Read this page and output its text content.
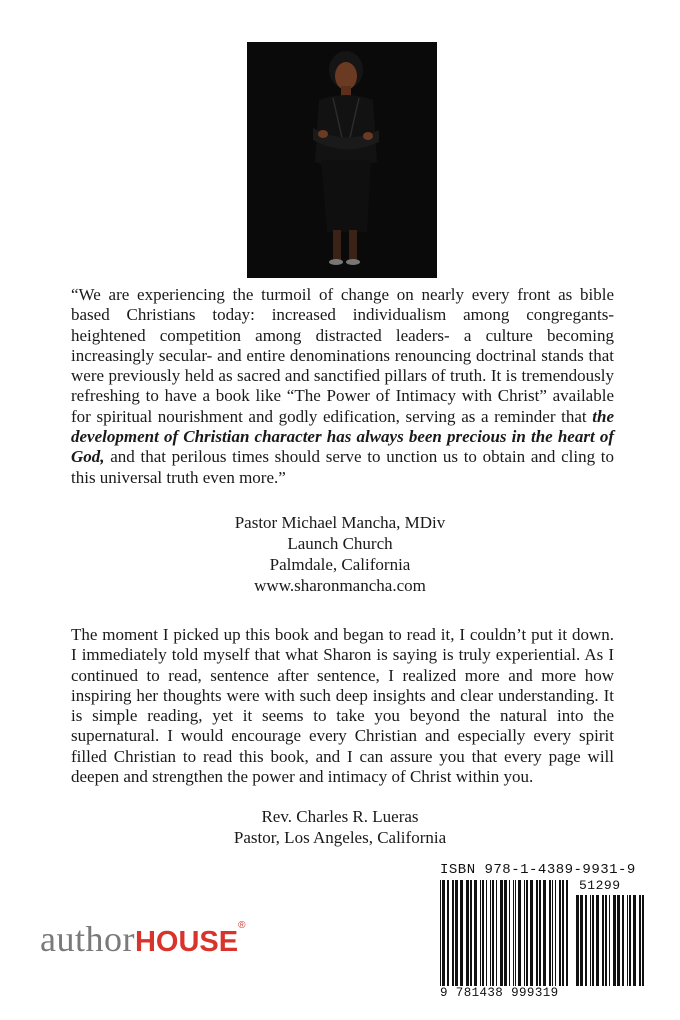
“We are experiencing the turmoil of change on nearly every front as bible based Christians today: increased individualism among congregants- heightened competition among distracted leaders- a culture becoming increasingly secular- and entire denominations renouncing doctrinal stands that were previously held as sacred and sanctified pillars of truth. It is tremendously refreshing to have a book like “The Power of Intimacy with Christ” available for spiritual nourishment and godly edification, serving as a reminder that the development of Christian character has always been precious in the heart of God, and that perilous times should serve to unction us to obtain and cling to this universal truth even more.”

Pastor Michael Mancha, MDiv
Launch Church
Palmdale, California
www.sharonmancha.com

The moment I picked up this book and began to read it, I couldn’t put it down. I immediately told myself that what Sharon is saying is truly experiential. As I continued to read, sentence after sentence, I realized more and more how inspiring her thoughts were with such deep insights and clear understanding. It is simple reading, yet it seems to take you beyond the natural into the supernatural. I would encourage every Christian and especially every spirit filled Christian to read this book, and I can assure you that every page will deepen and strengthen the power and intimacy of Christ within you.

Rev. Charles R. Lueras
Pastor, Los Angeles, California
authorHOUSE®
ISBN 978-1-4389-9931-9
51299
9 781438 999319
